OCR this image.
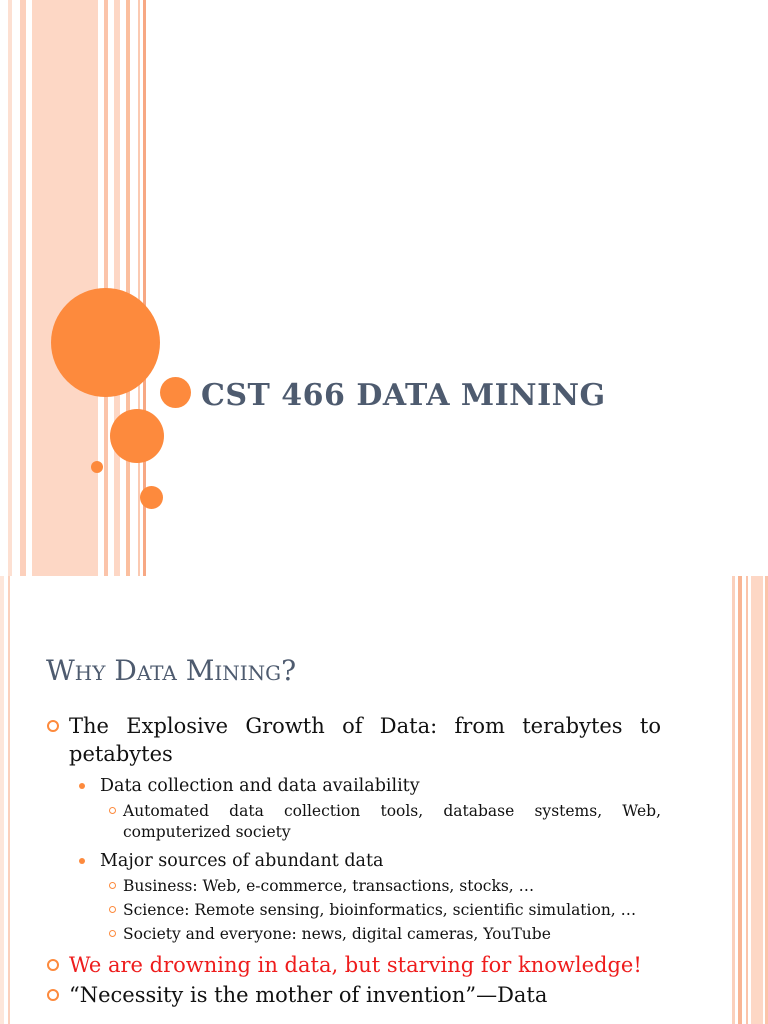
CST 466 DATA MINING
Why Data Mining?
The Explosive Growth of Data: from terabytes to petabytes
Data collection and data availability
Automated data collection tools, database systems, Web, computerized society
Major sources of abundant data
Business: Web, e-commerce, transactions, stocks, …
Science: Remote sensing, bioinformatics, scientific simulation, …
Society and everyone: news, digital cameras, YouTube
We are drowning in data, but starving for knowledge!
“Necessity is the mother of invention”—Data
